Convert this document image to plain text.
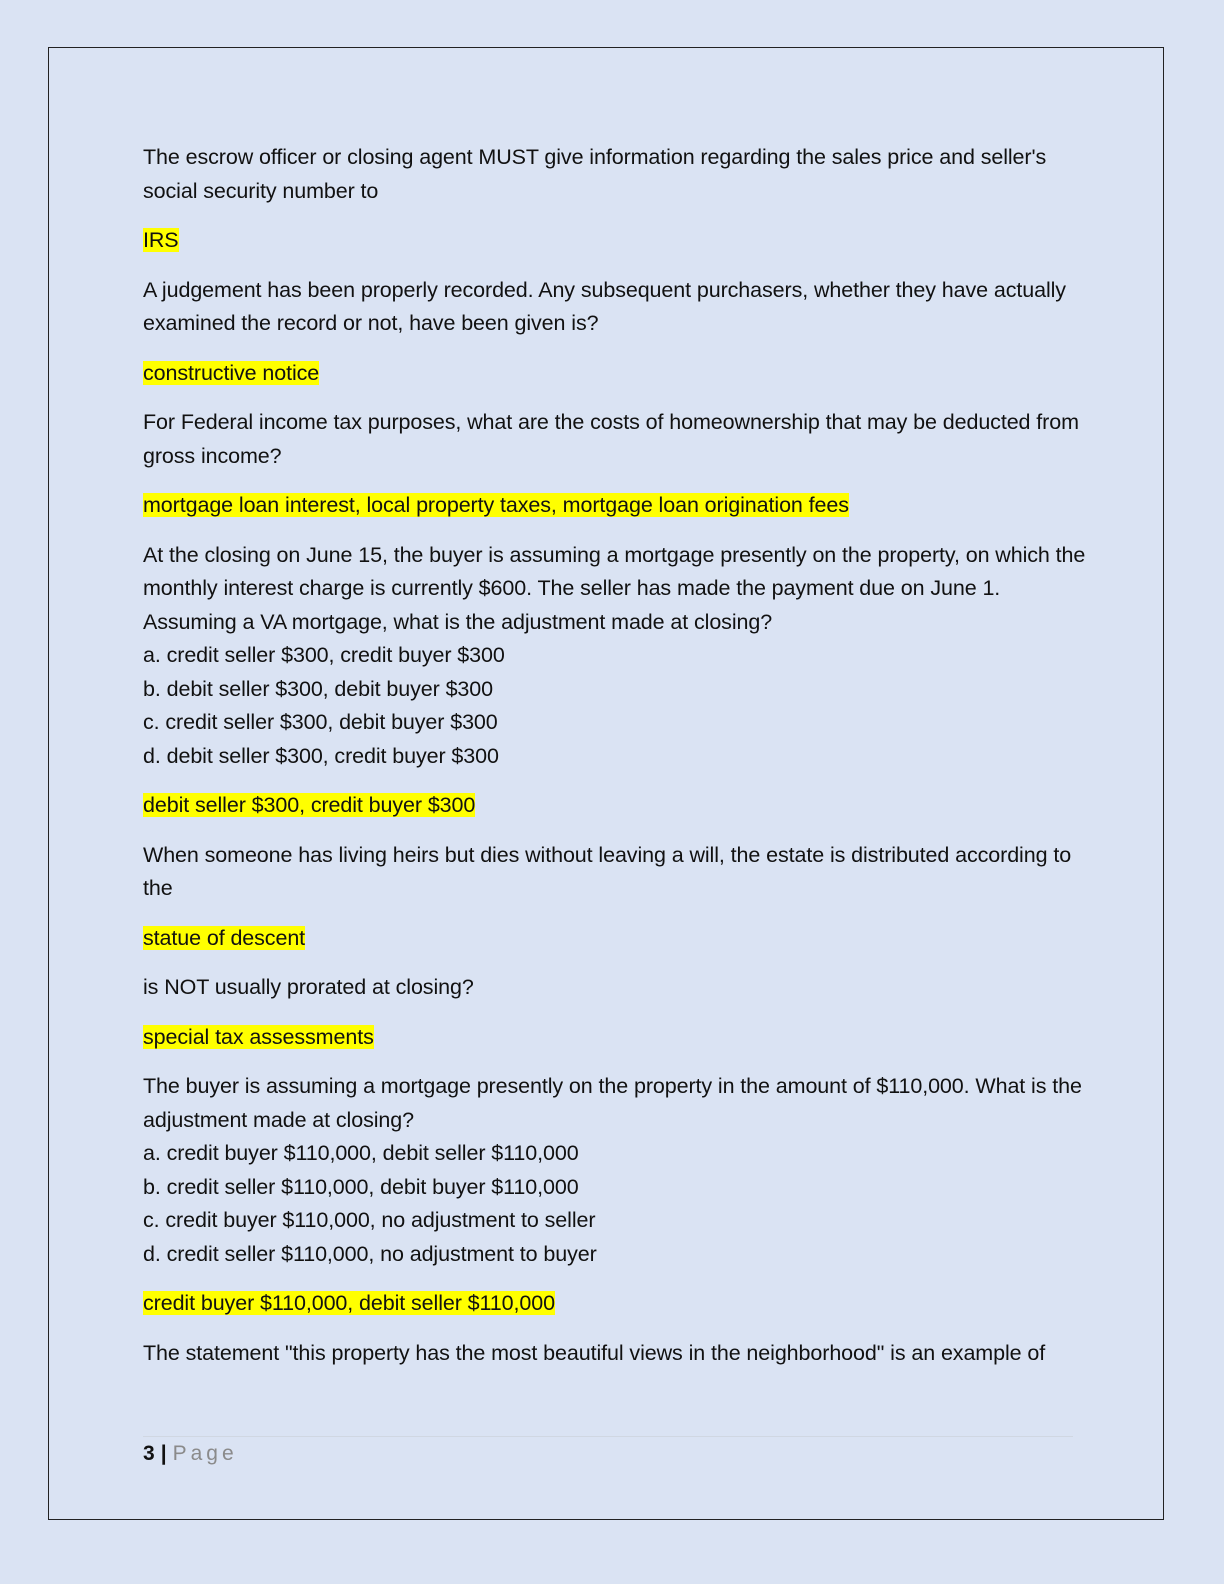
The escrow officer or closing agent MUST give information regarding the sales price and seller's social security number to

IRS

A judgement has been properly recorded. Any subsequent purchasers, whether they have actually examined the record or not, have been given is?

constructive notice

For Federal income tax purposes, what are the costs of homeownership that may be deducted from gross income?

mortgage loan interest, local property taxes, mortgage loan origination fees

At the closing on June 15, the buyer is assuming a mortgage presently on the property, on which the monthly interest charge is currently $600. The seller has made the payment due on June 1. Assuming a VA mortgage, what is the adjustment made at closing?

a. credit seller $300, credit buyer $300

b. debit seller $300, debit buyer $300

c. credit seller $300, debit buyer $300

d. debit seller $300, credit buyer $300

debit seller $300, credit buyer $300

When someone has living heirs but dies without leaving a will, the estate is distributed according to the

statue of descent

is NOT usually prorated at closing?

special tax assessments

The buyer is assuming a mortgage presently on the property in the amount of $110,000. What is the adjustment made at closing?

a. credit buyer $110,000, debit seller $110,000

b. credit seller $110,000, debit buyer $110,000

c. credit buyer $110,000, no adjustment to seller

d. credit seller $110,000, no adjustment to buyer

credit buyer $110,000, debit seller $110,000

The statement "this property has the most beautiful views in the neighborhood" is an example of

3 | Page
